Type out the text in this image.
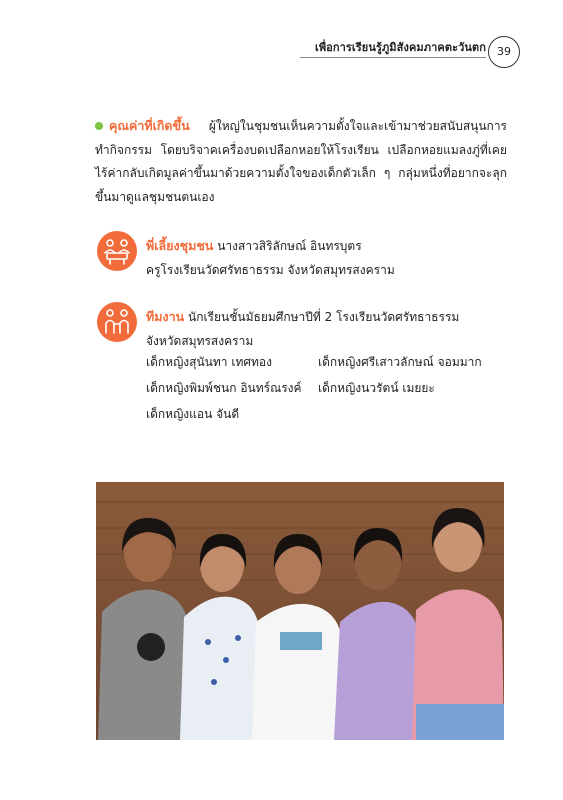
เพื่อการเรียนรู้ภูมิสังคมภาคตะวันตก	39
คุณค่าที่เกิดขึ้น ผู้ใหญ่ในชุมชนเห็นความตั้งใจและเข้ามาช่วยสนับสนุนการทำกิจกรรม โดยบริจาคเครื่องบดเปลือกหอยให้โรงเรียน เปลือกหอยแมลงภู่ที่เคยไร้ค่ากลับเกิดมูลค่าขึ้นมาด้วยความตั้งใจของเด็กตัวเล็ก ๆ กลุ่มหนึ่งที่อยากจะลุกขึ้นมาดูแลชุมชนตนเอง
พี่เลี้ยงชุมชน นางสาวสิริลักษณ์ อินทรบุตร
ครูโรงเรียนวัดศรัทธาธรรม จังหวัดสมุทรสงคราม
ทีมงาน นักเรียนชั้นมัธยมศึกษาปีที่ 2 โรงเรียนวัดศรัทธาธรรม
จังหวัดสมุทรสงคราม
เด็กหญิงสุนันทา เทศทอง	เด็กหญิงศรีเสาวลักษณ์ จอมมาก
เด็กหญิงพิมพ์ชนก อินทร์ณรงค์	เด็กหญิงนวรัตน์ เมยยะ
เด็กหญิงแอน จันดี
